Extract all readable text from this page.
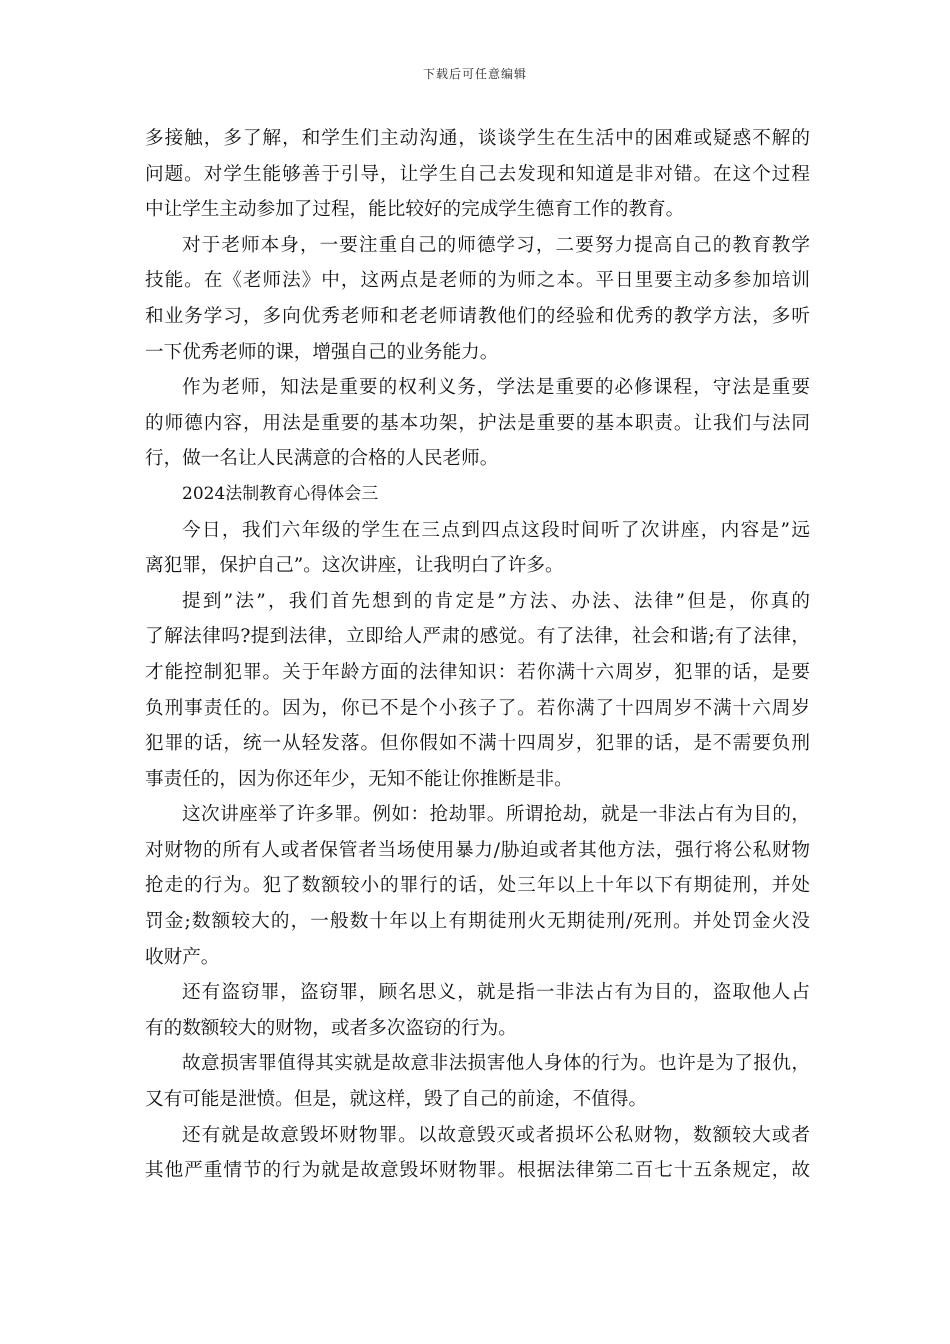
下载后可任意编辑
多接触，多了解，和学生们主动沟通，谈谈学生在生活中的困难或疑惑不解的
问题。对学生能够善于引导，让学生自己去发现和知道是非对错。在这个过程
中让学生主动参加了过程，能比较好的完成学生德育工作的教育。
对于老师本身，一要注重自己的师德学习，二要努力提高自己的教育教学
技能。在《老师法》中，这两点是老师的为师之本。平日里要主动多参加培训
和业务学习，多向优秀老师和老老师请教他们的经验和优秀的教学方法，多听
一下优秀老师的课，增强自己的业务能力。
作为老师，知法是重要的权利义务，学法是重要的必修课程，守法是重要
的师德内容，用法是重要的基本功架，护法是重要的基本职责。让我们与法同
行，做一名让人民满意的合格的人民老师。
2024法制教育心得体会三
今日，我们六年级的学生在三点到四点这段时间听了次讲座，内容是”远
离犯罪，保护自己”。这次讲座，让我明白了许多。
提到”法”，我们首先想到的肯定是”方法、办法、法律”但是，你真的
了解法律吗?提到法律，立即给人严肃的感觉。有了法律，社会和谐;有了法律，
才能控制犯罪。关于年龄方面的法律知识：若你满十六周岁，犯罪的话，是要
负刑事责任的。因为，你已不是个小孩子了。若你满了十四周岁不满十六周岁
犯罪的话，统一从轻发落。但你假如不满十四周岁，犯罪的话，是不需要负刑
事责任的，因为你还年少，无知不能让你推断是非。
这次讲座举了许多罪。例如：抢劫罪。所谓抢劫，就是一非法占有为目的，
对财物的所有人或者保管者当场使用暴力/胁迫或者其他方法，强行将公私财物
抢走的行为。犯了数额较小的罪行的话，处三年以上十年以下有期徒刑，并处
罚金;数额较大的，一般数十年以上有期徒刑火无期徒刑/死刑。并处罚金火没
收财产。
还有盗窃罪，盗窃罪，顾名思义，就是指一非法占有为目的，盗取他人占
有的数额较大的财物，或者多次盗窃的行为。
故意损害罪值得其实就是故意非法损害他人身体的行为。也许是为了报仇，
又有可能是泄愤。但是，就这样，毁了自己的前途，不值得。
还有就是故意毁坏财物罪。以故意毁灭或者损坏公私财物，数额较大或者
其他严重情节的行为就是故意毁坏财物罪。根据法律第二百七十五条规定，故
